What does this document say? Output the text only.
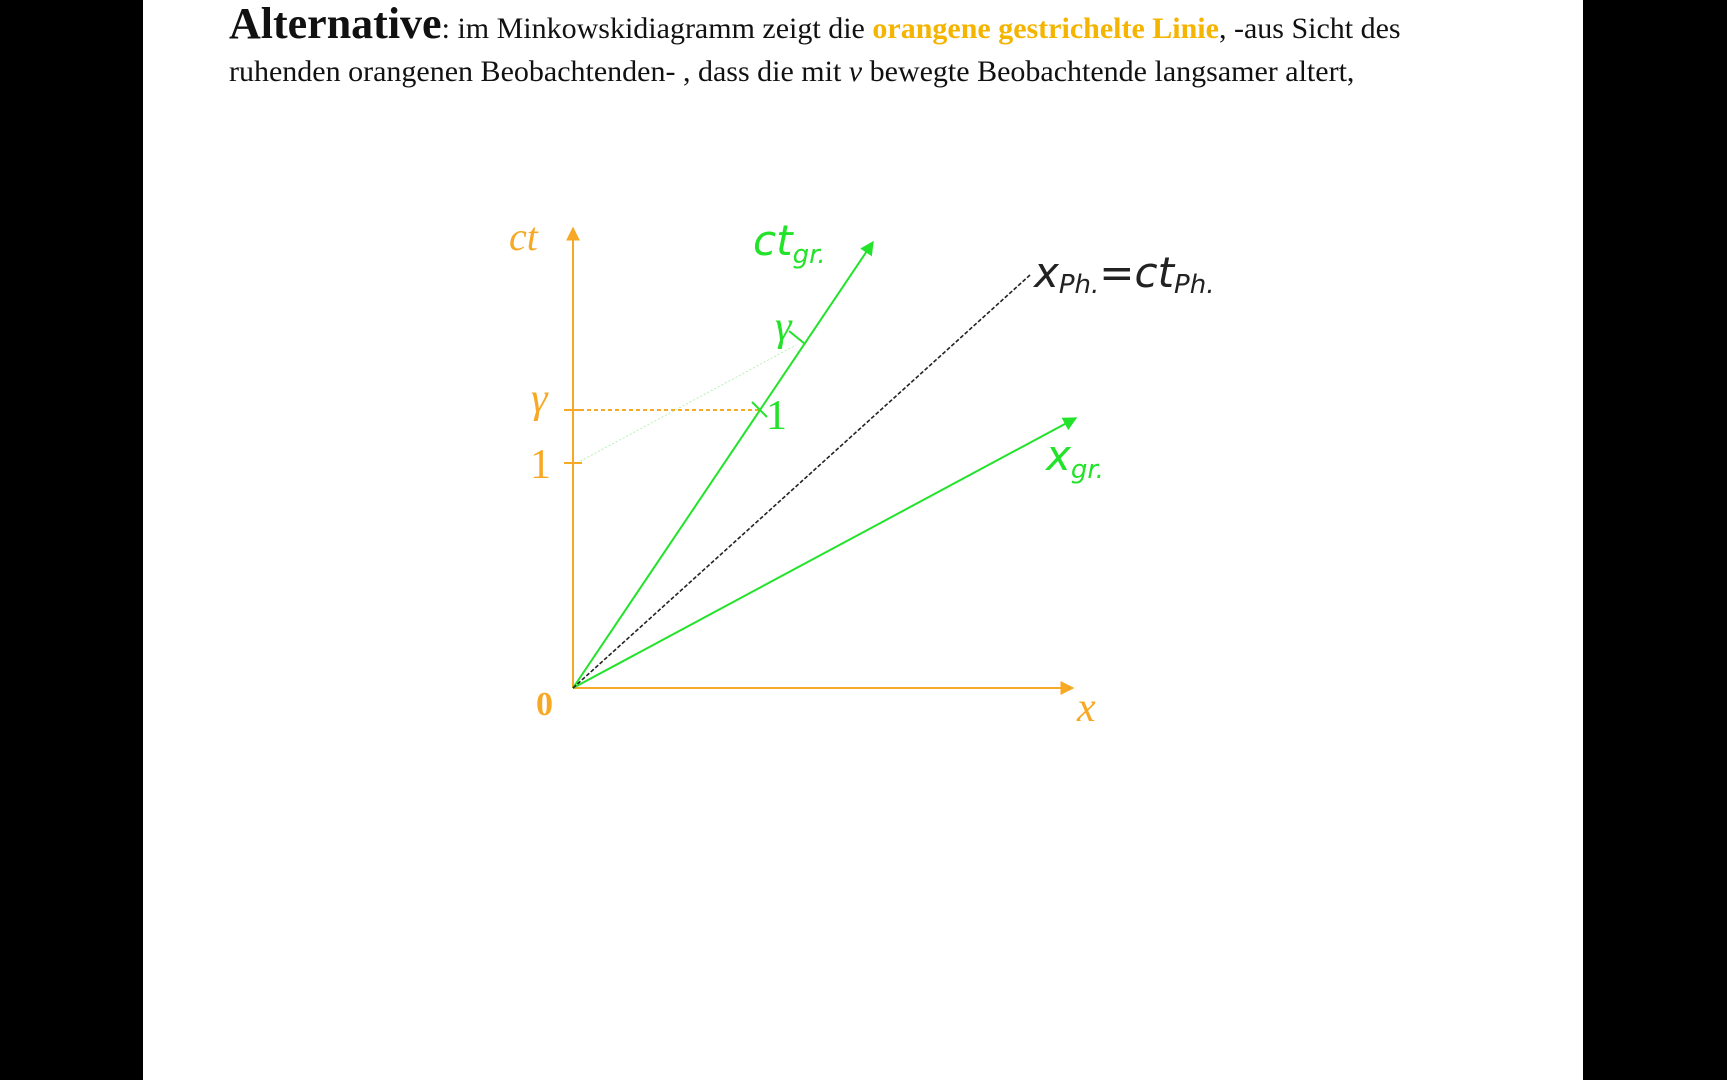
Alternative: im Minkowskidiagramm zeigt die orangene gestrichelte Linie, -aus Sicht des
ruhenden orangenen Beobachtenden- , dass die mit v bewegte Beobachtende langsamer altert,
ct
x
0
γ
1
ctgr.
xgr.
γ
1
xPh.=ctPh.
